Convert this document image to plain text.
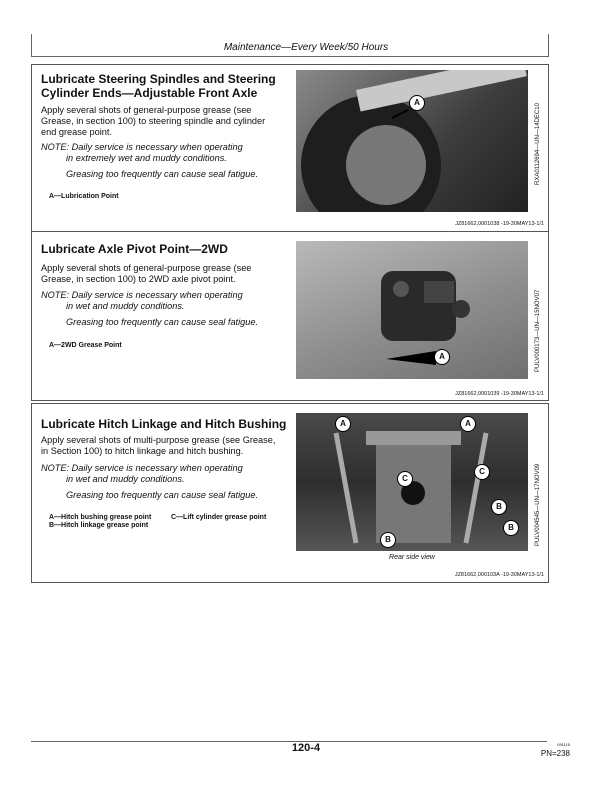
Maintenance—Every Week/50 Hours
Lubricate Steering Spindles and Steering
Cylinder Ends—Adjustable Front Axle
Apply several shots of general-purpose grease (see
Grease, in section 100) to steering spindle and cylinder
end grease point.
NOTE: Daily service is necessary when operating
in extremely wet and muddy conditions.
Greasing too frequently can cause seal fatigue.
A—Lubrication Point
A
RXA0112694—UN—14DEC10
JZ81662,0001038 -19-30MAY13-1/1
Lubricate Axle Pivot Point—2WD
Apply several shots of general-purpose grease (see
Grease, in section 100) to 2WD axle pivot point.
NOTE: Daily service is necessary when operating
in wet and muddy conditions.
Greasing too frequently can cause seal fatigue.
A—2WD Grease Point
A	PULV000173—UN—15NOV07
JZ81662,0001039 -19-30MAY13-1/1
Lubricate Hitch Linkage and Hitch Bushing
Apply several shots of multi-purpose grease (see Grease,
in Section 100) to hitch linkage and hitch bushing.
NOTE: Daily service is necessary when operating
in wet and muddy conditions.
Greasing too frequently can cause seal fatigue.
A—Hitch bushing grease point
B—Hitch linkage grease point
C—Lift cylinder grease point
A	A
C
C
B
B
B
Rear side view
PULV004545—UN—17NOV09
JZ81662,000103A -19-30MAY13-1/1
120-4	091115
PN=238
